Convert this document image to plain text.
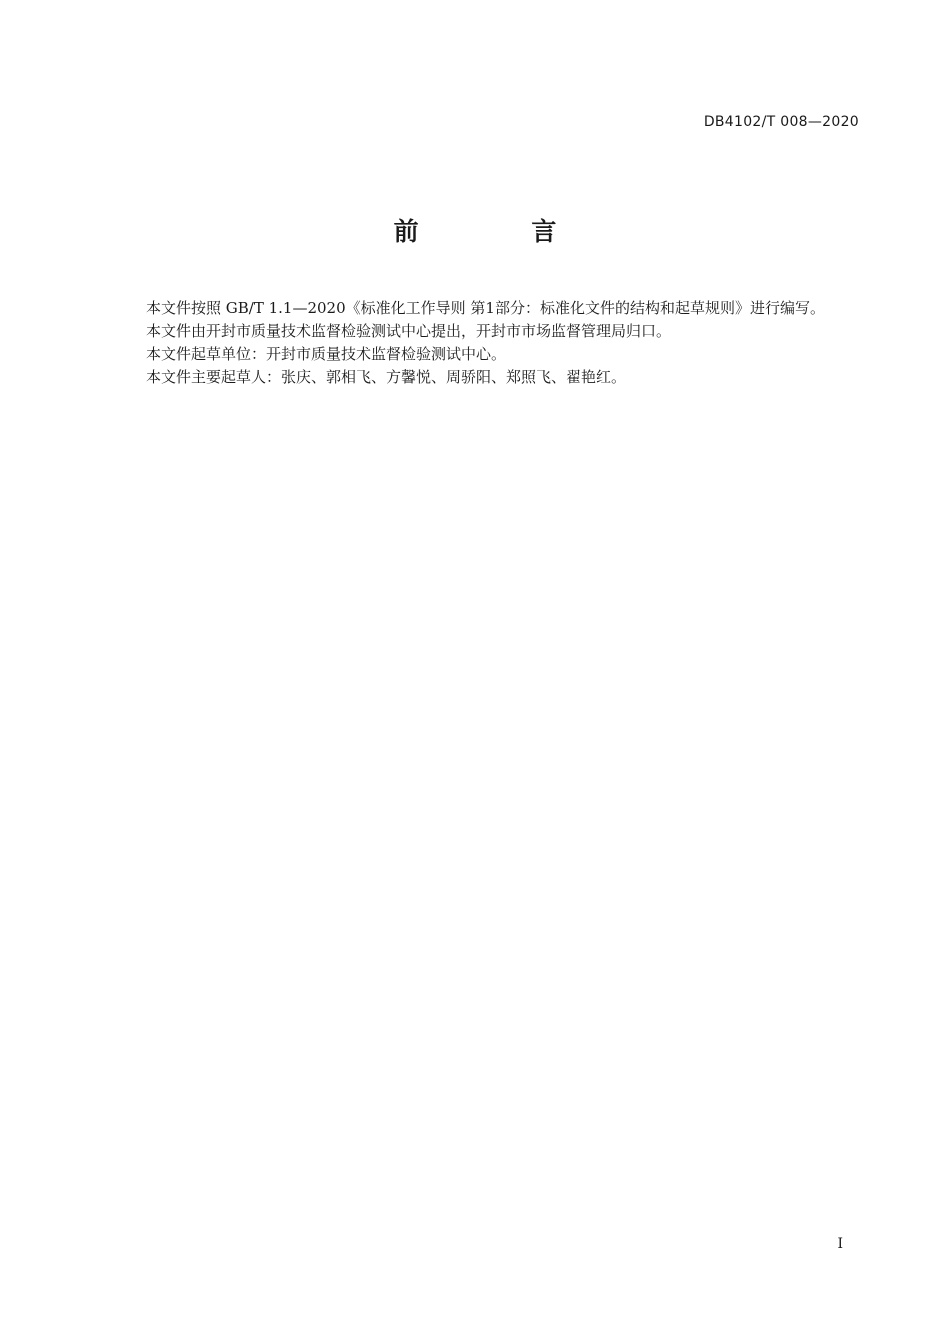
DB4102/T 008—2020
前 言

本文件按照 GB/T 1.1—2020《标准化工作导则 第1部分：标准化文件的结构和起草规则》进行编写。

本文件由开封市质量技术监督检验测试中心提出，开封市市场监督管理局归口。

本文件起草单位：开封市质量技术监督检验测试中心。

本文件主要起草人：张庆、郭相飞、方馨悦、周骄阳、郑照飞、翟艳红。

I
